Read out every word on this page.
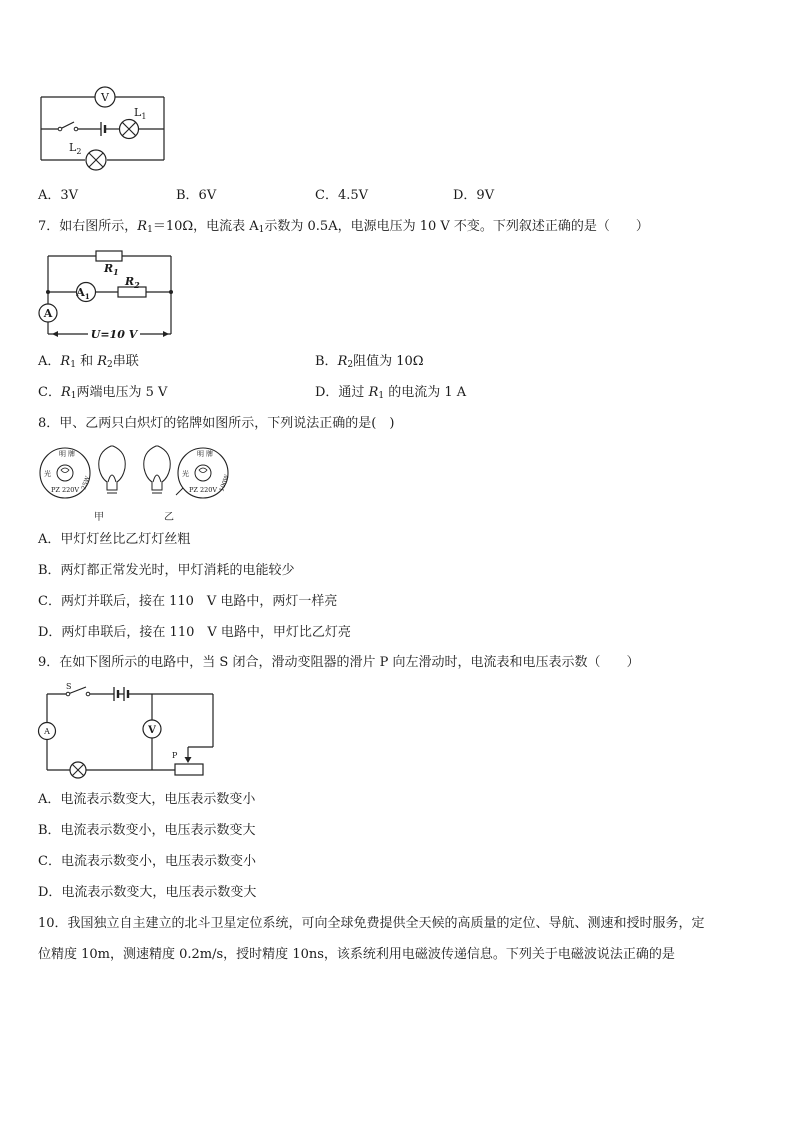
V
$L_1$
$L_2$
A．3V	B．6V	C．4.5V	D．9V
7．如右图所示，$R_1=10\Omega$，电流表 $A_1$示数为 0.5A，电源电压为 10 V 不变。下列叙述正确的是（　　）
$R_1$
$A_1$
$R_2$
A
U=10 V
A．$R_1$ 和 $R_2$串联	B．$R_2$阻值为 10Ω
C．$R_1$两端电压为 5 V	D．通过 $R_1$ 的电流为 1 A
8．甲、乙两只白炽灯的铭牌如图所示，下列说法正确的是(　)
明 牌
光
PZ 220V 25W
明 牌
光
PZ 220V 100W
甲	乙
A．甲灯灯丝比乙灯灯丝粗
B．两灯都正常发光时，甲灯消耗的电能较少
C．两灯并联后，接在 110　V 电路中，两灯一样亮
D．两灯串联后，接在 110　V 电路中，甲灯比乙灯亮
9．在如下图所示的电路中，当 S 闭合，滑动变阻器的滑片 P 向左滑动时，电流表和电压表示数（　　）
S
A	V
P
A．电流表示数变大，电压表示数变小
B．电流表示数变小，电压表示数变大
C．电流表示数变小，电压表示数变小
D．电流表示数变大，电压表示数变大
10．我国独立自主建立的北斗卫星定位系统，可向全球免费提供全天候的高质量的定位、导航、测速和授时服务，定
位精度 10m，测速精度 0.2m/s，授时精度 10ns，该系统利用电磁波传递信息。下列关于电磁波说法正确的是
